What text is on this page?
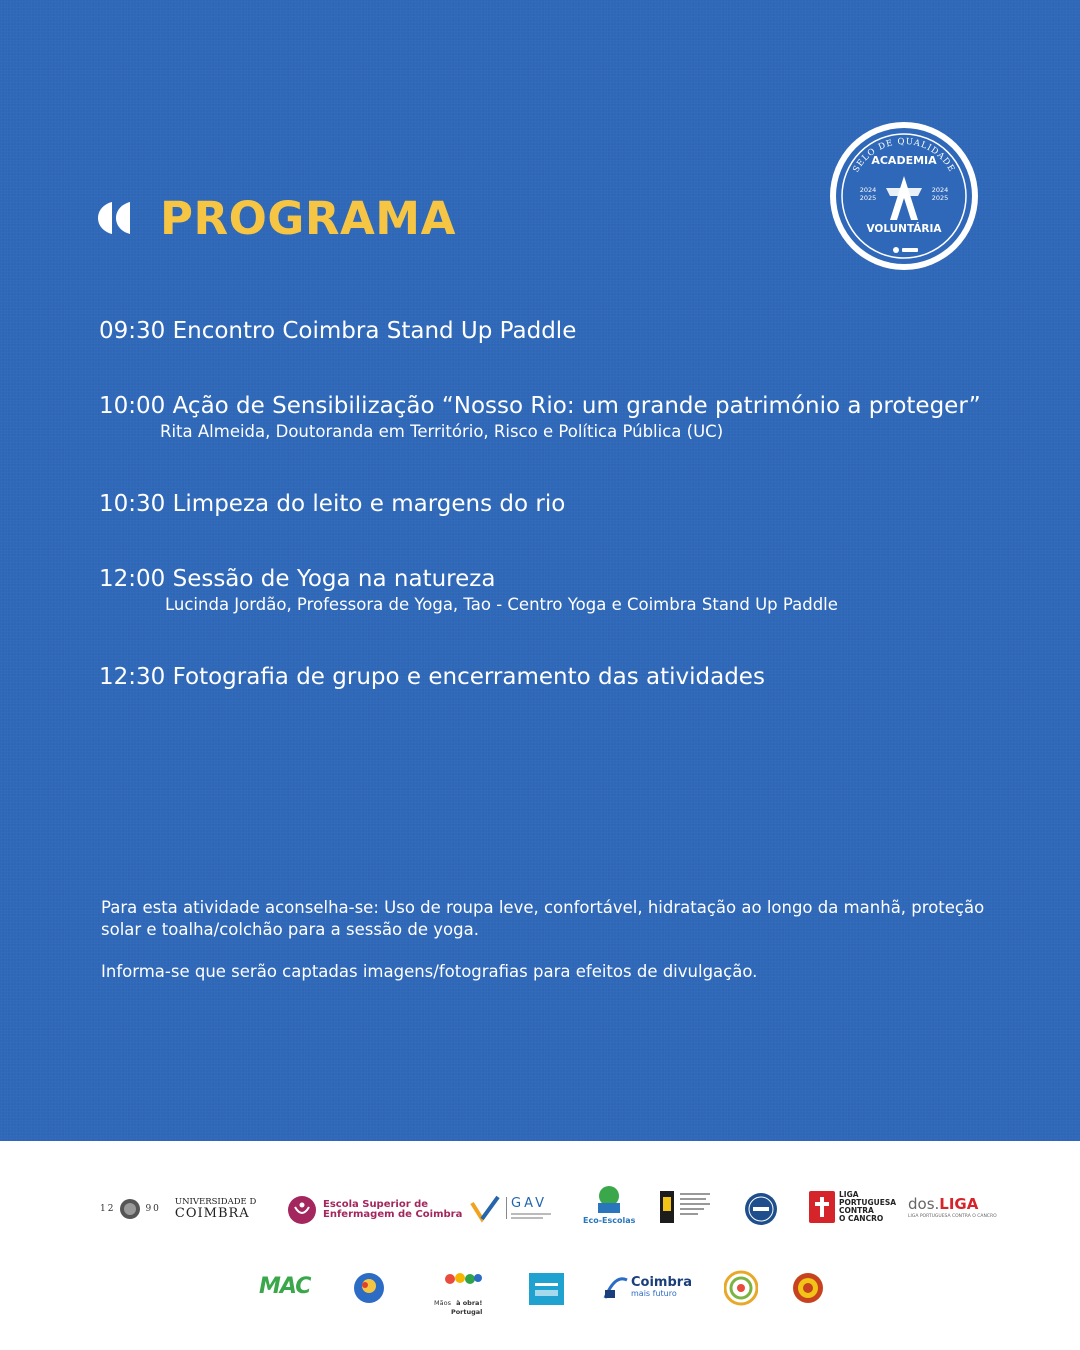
PROGRAMA
SELO DE QUALIDADE
ACADEMIA
2024
2025
2024
2025
VOLUNTÁRIA
09:30 Encontro Coimbra Stand Up Paddle
10:00 Ação de Sensibilização “Nosso Rio: um grande património a proteger”
Rita Almeida, Doutoranda em Território, Risco e Política Pública (UC)
10:30 Limpeza do leito e margens do rio
12:00 Sessão de Yoga na natureza
Lucinda Jordão, Professora de Yoga, Tao - Centro Yoga e Coimbra Stand Up Paddle
12:30 Fotografia de grupo e encerramento das atividades

Para esta atividade aconselha-se: Uso de roupa leve, confortável, hidratação ao longo da manhã, proteção solar e toalha/colchão para a sessão de yoga.

Informa-se que serão captadas imagens/fotografias para efeitos de divulgação.

12	90
UNIVERSIDADE D
COIMBRA
Escola Superior de
Enfermagem de Coimbra
GAV
Eco-Escolas
LIGA
PORTUGUESA
CONTRA
O CANCRO
dos.LIGA
LIGA PORTUGUESA CONTRA O CANCRO
MAC
Mãos à obra!
Portugal
Coimbra
mais futuro
